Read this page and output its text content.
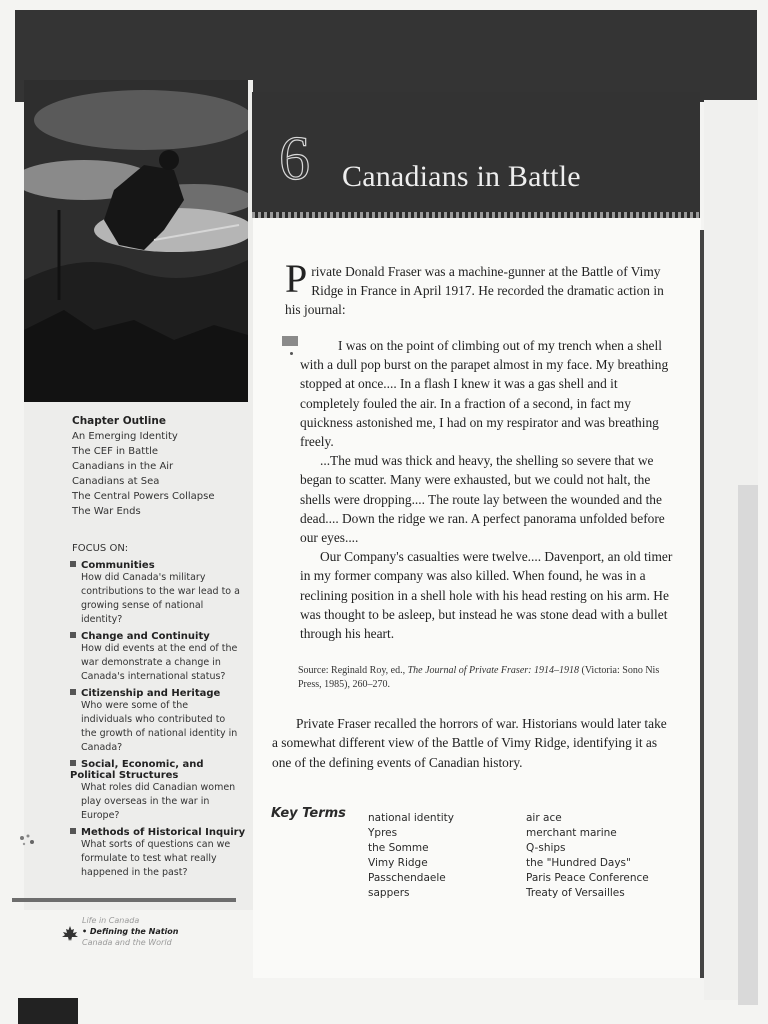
Chapter Outline
An Emerging Identity
The CEF in Battle
Canadians in the Air
Canadians at Sea
The Central Powers Collapse
The War Ends
FOCUS ON:
Communities
How did Canada's military contributions to the war lead to a growing sense of national identity?
Change and Continuity
How did events at the end of the war demonstrate a change in Canada's international status?
Citizenship and Heritage
Who were some of the individuals who contributed to the growth of national identity in Canada?
Social, Economic, and Political Structures
What roles did Canadian women play overseas in the war in Europe?
Methods of Historical Inquiry
What sorts of questions can we formulate to test what really happened in the past?
Life in Canada
• Defining the Nation
Canada and the World
6 Canadians in Battle
Private Donald Fraser was a machine-gunner at the Battle of Vimy Ridge in France in April 1917. He recorded the dramatic action in his journal:

I was on the point of climbing out of my trench when a shell with a dull pop burst on the parapet almost in my face. My breathing stopped at once.... In a flash I knew it was a gas shell and it completely fouled the air. In a fraction of a second, in fact my quickness astonished me, I had on my respirator and was breathing freely.

...The mud was thick and heavy, the shelling so severe that we began to scatter. Many were exhausted, but we could not halt, the shells were dropping.... The route lay between the wounded and the dead.... Down the ridge we ran. A perfect panorama unfolded before our eyes....

Our Company's casualties were twelve.... Davenport, an old timer in my former company was also killed. When found, he was in a reclining position in a shell hole with his head resting on his arm. He was thought to be asleep, but instead he was stone dead with a bullet through his heart.

Source: Reginald Roy, ed., The Journal of Private Fraser: 1914–1918 (Victoria: Sono Nis Press, 1985), 260–270.
Private Fraser recalled the horrors of war. Historians would later take a somewhat different view of the Battle of Vimy Ridge, identifying it as one of the defining events of Canadian history.
Key Terms national identity
Ypres
the Somme
Vimy Ridge
Passchendaele
sappers
air ace
merchant marine
Q-ships
the "Hundred Days"
Paris Peace Conference
Treaty of Versailles
